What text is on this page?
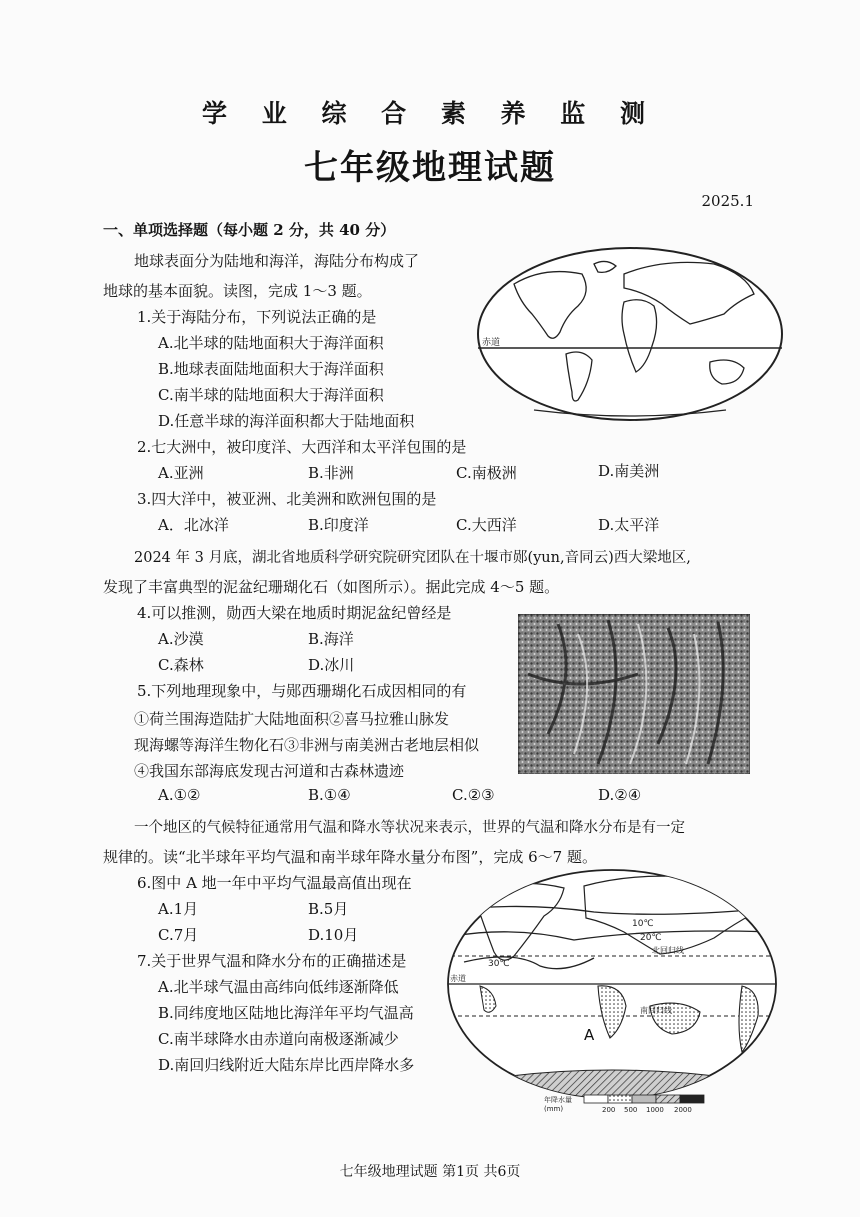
学 业 综 合 素 养 监 测
七年级地理试题
2025.1
一、单项选择题（每小题 2 分，共 40 分）
地球表面分为陆地和海洋，海陆分布构成了
地球的基本面貌。读图，完成 1～3 题。
赤道
1.关于海陆分布，下列说法正确的是
A.北半球的陆地面积大于海洋面积
B.地球表面陆地面积大于海洋面积
C.南半球的陆地面积大于海洋面积
D.任意半球的海洋面积都大于陆地面积
2.七大洲中，被印度洋、大西洋和太平洋包围的是
A.亚洲	B.非洲	C.南极洲	D.南美洲
3.四大洋中，被亚洲、北美洲和欧洲包围的是
A．北冰洋	B.印度洋	C.大西洋	D.太平洋
2024 年 3 月底，湖北省地质科学研究院研究团队在十堰市郧(yun,音同云)西大梁地区,
发现了丰富典型的泥盆纪珊瑚化石（如图所示）。据此完成 4～5 题。
4.可以推测，勋西大梁在地质时期泥盆纪曾经是
A.沙漠	B.海洋
C.森林	D.冰川
5.下列地理现象中，与郧西珊瑚化石成因相同的有
①荷兰围海造陆扩大陆地面积②喜马拉雅山脉发
现海螺等海洋生物化石③非洲与南美洲古老地层相似
④我国东部海底发现古河道和古森林遗迹
A.①②	B.①④	C.②③	D.②④
一个地区的气候特征通常用气温和降水等状况来表示，世界的气温和降水分布是有一定
规律的。读“北半球年平均气温和南半球年降水量分布图”，完成 6～7 题。
6.图中 A 地一年中平均气温最高值出现在
A.1月	B.5月
C.7月	D.10月
7.关于世界气温和降水分布的正确描述是
A.北半球气温由高纬向低纬逐渐降低
B.同纬度地区陆地比海洋年平均气温高
C.南半球降水由赤道向南极逐渐减少
D.南回归线附近大陆东岸比西岸降水多
10℃
20℃
30℃
北回归线
赤道
南回归线
A
年降水量
(mm)	200 500 1000 2000
七年级地理试题 第1页 共6页
